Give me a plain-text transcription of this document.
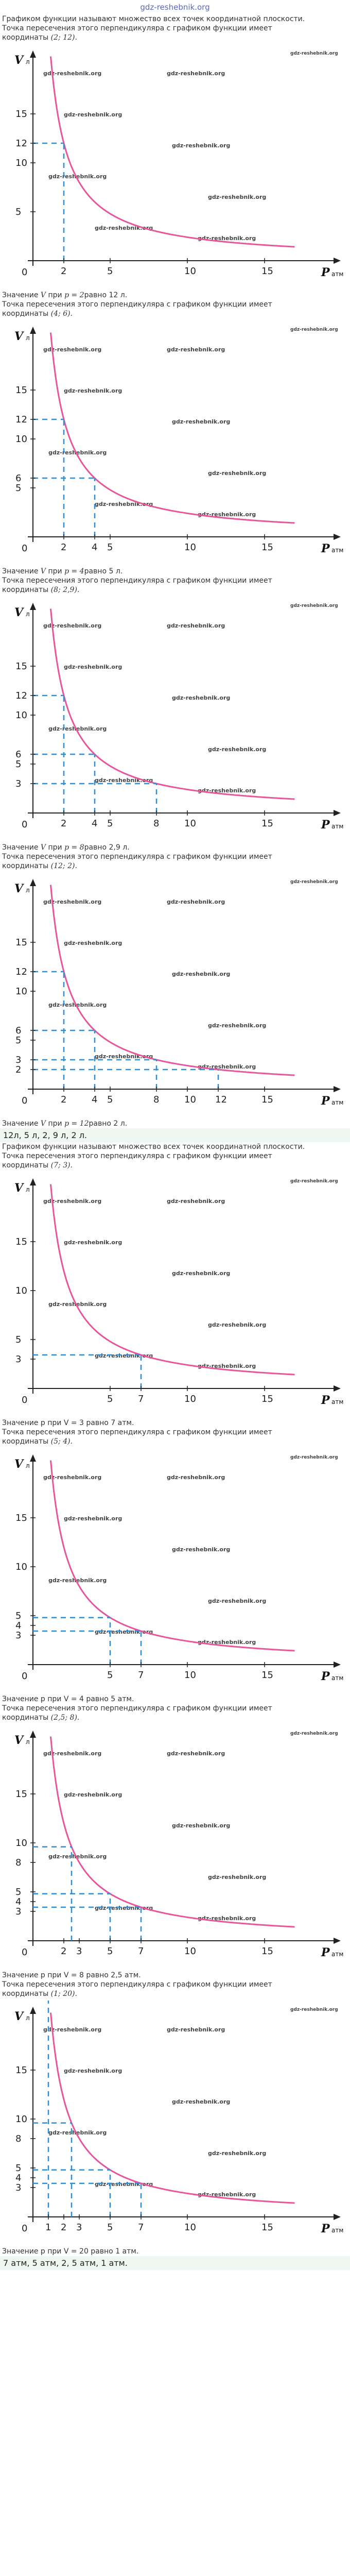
gdz-reshebnik.org

Графиком функции называют множество всех точек координатной плоскости.

Точка пересечения этого перпендикуляра с графиком функции имеет

координаты (2; 12).

gdz-reshebnik.org	gdz-reshebnik.org
gdz-reshebnik.org
gdz-reshebnik.org
gdz-reshebnik.org
gdz-reshebnik.org
gdz-reshebnik.org
gdz-reshebnik.org
gdz-reshebnik.org
0
V л
P атм
2	5	10	15
5
10
12
15

Значение V при p = 2равно 12 л.

Точка пересечения этого перпендикуляра с графиком функции имеет

координаты (4; 6).

gdz-reshebnik.org	gdz-reshebnik.org
gdz-reshebnik.org
gdz-reshebnik.org
gdz-reshebnik.org
gdz-reshebnik.org
gdz-reshebnik.org
gdz-reshebnik.org
gdz-reshebnik.org
0
V л
P атм
2	4 5	10	15
5
6
10
12
15

Значение V при p = 4равно 5 л.

Точка пересечения этого перпендикуляра с графиком функции имеет

координаты (8; 2,9).

gdz-reshebnik.org	gdz-reshebnik.org
gdz-reshebnik.org
gdz-reshebnik.org
gdz-reshebnik.org
gdz-reshebnik.org
gdz-reshebnik.org
gdz-reshebnik.org
gdz-reshebnik.org
0
V л
P атм
2	4 5	8	10	15
3
5
6
10
12
15

Значение V при p = 8равно 2,9 л.

Точка пересечения этого перпендикуляра с графиком функции имеет

координаты (12; 2).

gdz-reshebnik.org	gdz-reshebnik.org
gdz-reshebnik.org
gdz-reshebnik.org
gdz-reshebnik.org
gdz-reshebnik.org
gdz-reshebnik.org
gdz-reshebnik.org
gdz-reshebnik.org
0
V л
P атм
2	4 5	8	10 12	15
2
3
5
6
10
12
15

Значение V при p = 12равно 2 л.

12л, 5 л, 2, 9 л, 2 л.

Графиком функции называют множество всех точек координатной плоскости.

Точка пересечения этого перпендикуляра с графиком функции имеет

координаты (7; 3).

gdz-reshebnik.org	gdz-reshebnik.org
gdz-reshebnik.org
gdz-reshebnik.org
gdz-reshebnik.org
gdz-reshebnik.org
gdz-reshebnik.org
gdz-reshebnik.org
gdz-reshebnik.org
0
V л
P атм
5	7	10	15
3
5
10
15

Значение p при V = 3 равно 7 атм.

Точка пересечения этого перпендикуляра с графиком функции имеет

координаты (5; 4).

gdz-reshebnik.org	gdz-reshebnik.org
gdz-reshebnik.org
gdz-reshebnik.org
gdz-reshebnik.org
gdz-reshebnik.org
gdz-reshebnik.org
gdz-reshebnik.org
gdz-reshebnik.org
0
V л
P атм
5	7	10	15
3
4
5
10
15

Значение p при V = 4 равно 5 атм.

Точка пересечения этого перпендикуляра с графиком функции имеет

координаты (2,5; 8).

gdz-reshebnik.org	gdz-reshebnik.org
gdz-reshebnik.org
gdz-reshebnik.org
gdz-reshebnik.org
gdz-reshebnik.org
gdz-reshebnik.org
gdz-reshebnik.org
gdz-reshebnik.org
0
V л
P атм
2 3	5	7	10	15
3
4
5
8
10
15

Значение p при V = 8 равно 2,5 атм.

Точка пересечения этого перпендикуляра с графиком функции имеет

координаты (1; 20).

gdz-reshebnik.org	gdz-reshebnik.org
gdz-reshebnik.org
gdz-reshebnik.org
gdz-reshebnik.org
gdz-reshebnik.org
gdz-reshebnik.org
gdz-reshebnik.org
gdz-reshebnik.org
0
V л
P атм
1 2 3	5	7	10	15
3
4
5
8
10
15

Значение p при V = 20 равно 1 атм.

7 атм, 5 атм, 2, 5 атм, 1 атм.
